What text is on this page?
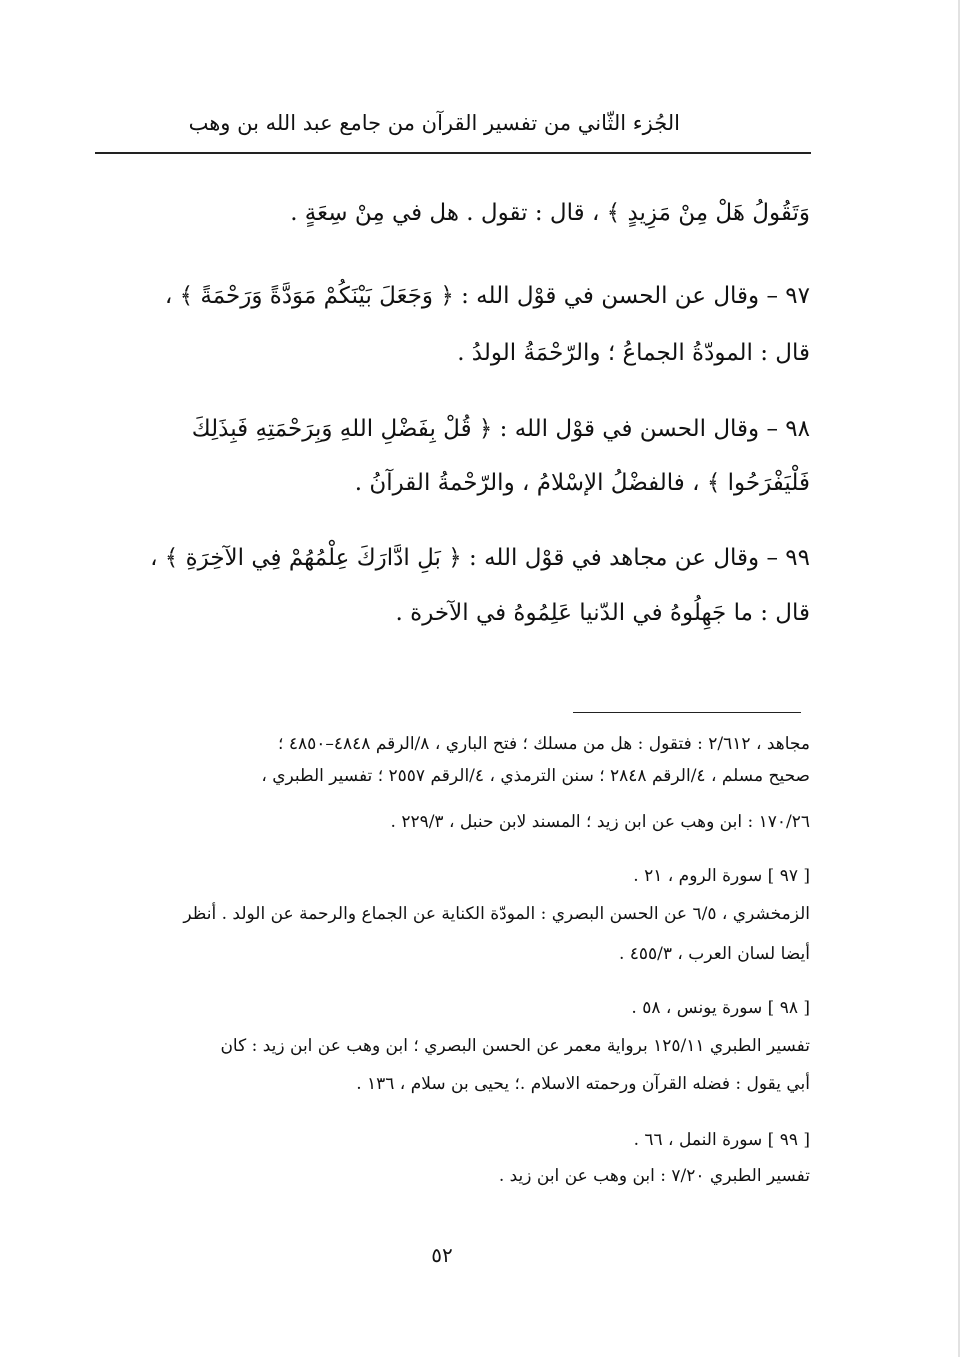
الجُزء الثّاني من تفسير القرآن من جامع عبد الله بن وهب
وَتَقُولُ هَلْ مِنْ مَزِيدٍ ﴾ ، قال : تقول . هل في مِنْ سِعَةٍ .
٩٧ – وقال عن الحسن في قوْل الله : ﴿ وَجَعَلَ بَيْنَكُمْ مَوَدَّةً وَرَحْمَةً ﴾ ،
قال : المودّةُ الجماعُ ؛ والرّحْمَةُ الولدُ .
٩٨ – وقال الحسن في قوْل الله : ﴿ قُلْ بِفَضْلِ اللهِ وَبِرَحْمَتِهِ فَبِذَلِكَ
فَلْيَفْرَحُوا ﴾ ، فالفضْلُ الإسْلامُ ، والرّحْمةُ القرآنُ .
٩٩ – وقال عن مجاهد في قوْل الله : ﴿ بَلِ ادَّارَكَ عِلْمُهُمْ فِي الآخِرَةِ ﴾ ،
قال : ما جَهِلُوهُ في الدّنيا عَلِمُوهُ في الآخرة .
مجاهد ، ٢/٦١٢ : فتقول : هل من مسلك ؛ فتح الباري ، ٨/الرقم ٤٨٤٨–٤٨٥٠ ؛
صحيح مسلم ، ٤/الرقم ٢٨٤٨ ؛ سنن الترمذي ، ٤/الرقم ٢٥٥٧ ؛ تفسير الطبري ،
١٧٠/٢٦ : ابن وهب عن ابن زيد ؛ المسند لابن حنبل ، ٢٢٩/٣ .
[ ٩٧ ] سورة الروم ، ٢١ .
الزمخشري ، ٦/٥ عن الحسن البصري : المودّة الكناية عن الجماع والرحمة عن الولد . أنظر
أيضا لسان العرب ، ٤٥٥/٣ .
[ ٩٨ ] سورة يونس ، ٥٨ .
تفسير الطبري ١٢٥/١١ برواية معمر عن الحسن البصري ؛ ابن وهب عن ابن زيد : كان
أبي يقول : فضله القرآن ورحمته الاسلام .؛ يحيى بن سلام ، ١٣٦ .
[ ٩٩ ] سورة النمل ، ٦٦ .
تفسير الطبري ٧/٢٠ : ابن وهب عن ابن زيد .
٥٢
